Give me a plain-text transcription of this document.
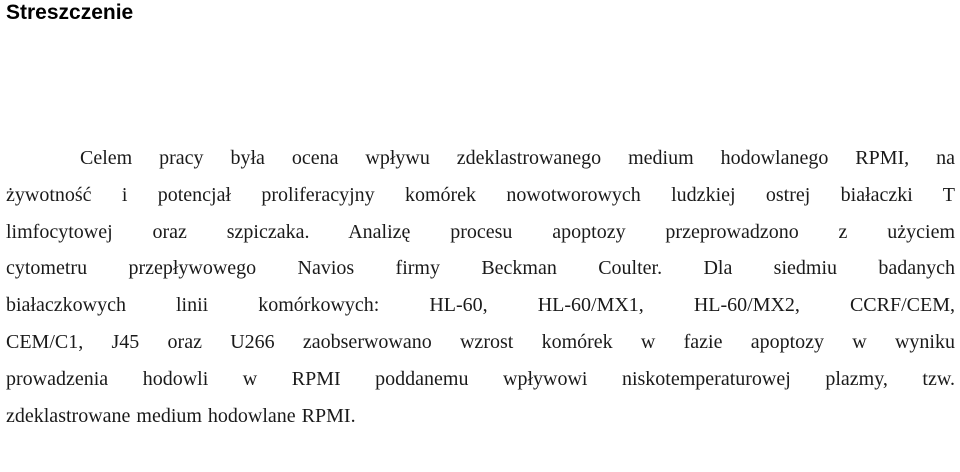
Streszczenie
Celem pracy była ocena wpływu zdeklastrowanego medium hodowlanego RPMI, na
żywotność i potencjał proliferacyjny komórek nowotworowych ludzkiej ostrej białaczki T
limfocytowej oraz szpiczaka. Analizę procesu apoptozy przeprowadzono z użyciem
cytometru przepływowego Navios firmy Beckman Coulter. Dla siedmiu badanych
białaczkowych linii komórkowych: HL-60, HL-60/MX1, HL-60/MX2, CCRF/CEM,
CEM/C1, J45 oraz U266 zaobserwowano wzrost komórek w fazie apoptozy w wyniku
prowadzenia hodowli w RPMI poddanemu wpływowi niskotemperaturowej plazmy, tzw.
zdeklastrowane medium hodowlane RPMI.
